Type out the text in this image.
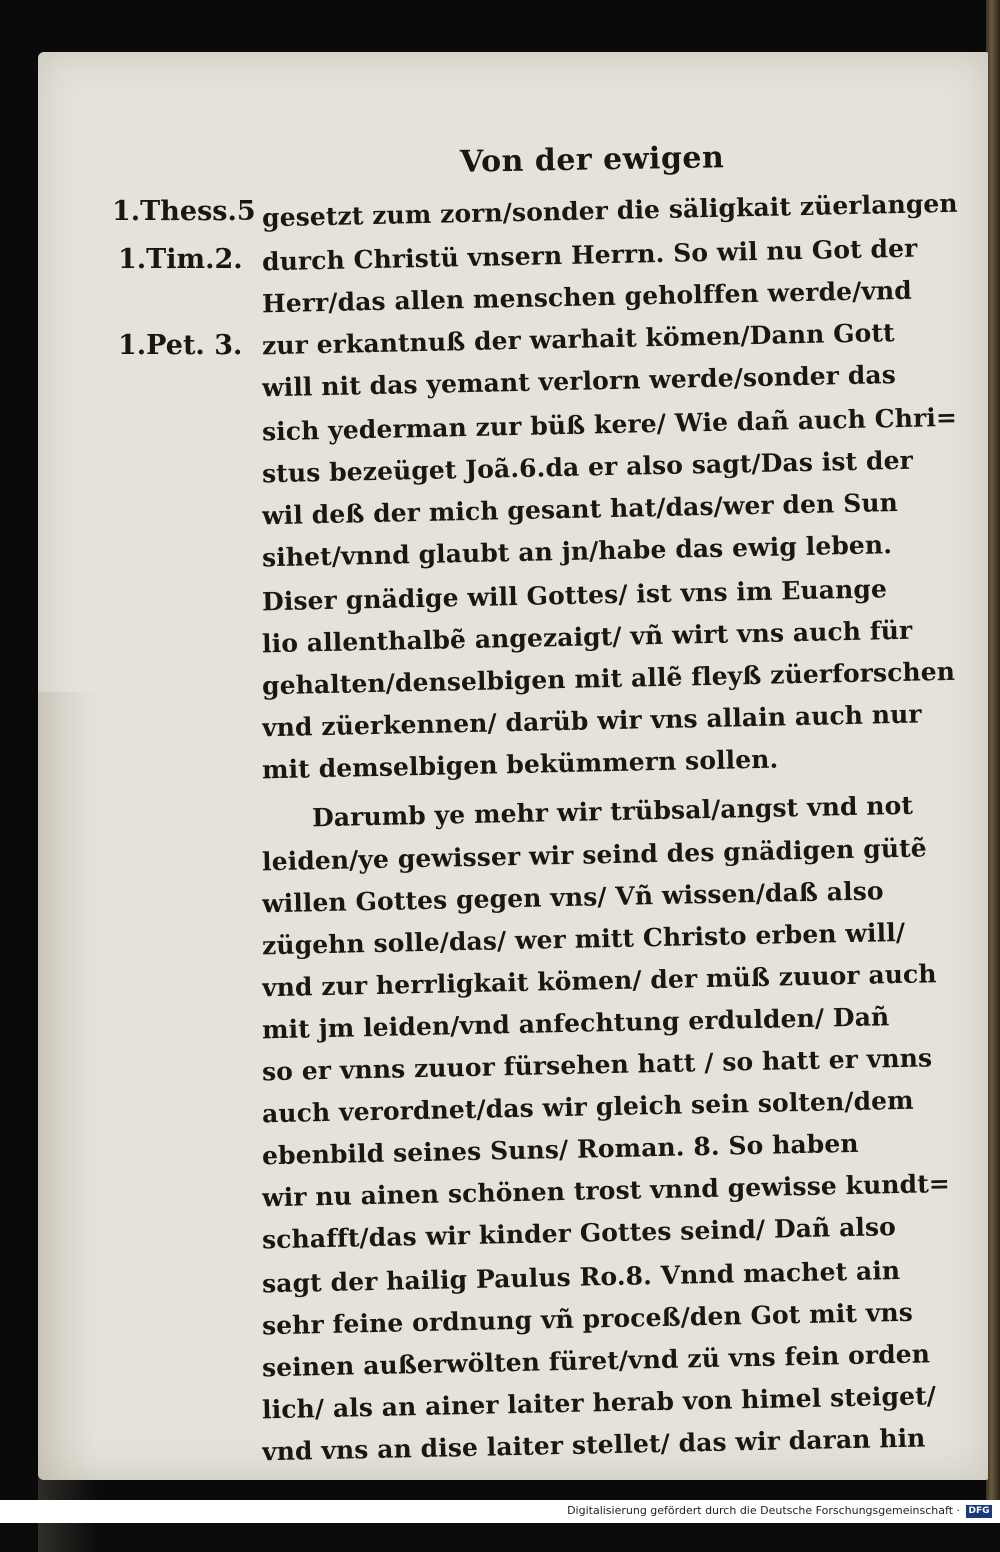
Von der ewigen
1.Thess.5
1.Tim.2.
1.Pet. 3.
gesetzt zum zorn/sonder die säligkait züerlangen
durch Christü vnsern Herrn. So wil nu Got der
Herr/das allen menschen geholffen werde/vnd
zur erkantnuß der warhait kömen/Dann Gott
will nit das yemant verlorn werde/sonder das
sich yederman zur büß kere/ Wie dañ auch Chri=
stus bezeüget Joã.6.da er also sagt/Das ist der
wil deß der mich gesant hat/das/wer den Sun
sihet/vnnd glaubt an jn/habe das ewig leben.
Diser gnädige will Gottes/ ist vns im Euange
lio allenthalbẽ angezaigt/ vñ wirt vns auch für
gehalten/denselbigen mit allẽ fleyß züerforschen
vnd züerkennen/ darüb wir vns allain auch nur
mit demselbigen bekümmern sollen.
Darumb ye mehr wir trübsal/angst vnd not
leiden/ye gewisser wir seind des gnädigen gütẽ
willen Gottes gegen vns/ Vñ wissen/daß also
zügehn solle/das/ wer mitt Christo erben will/
vnd zur herrligkait kömen/ der müß zuuor auch
mit jm leiden/vnd anfechtung erdulden/ Dañ
so er vnns zuuor fürsehen hatt / so hatt er vnns
auch verordnet/das wir gleich sein solten/dem
ebenbild seines Suns/ Roman. 8. So haben
wir nu ainen schönen trost vnnd gewisse kundt=
schafft/das wir kinder Gottes seind/ Dañ also
sagt der hailig Paulus Ro.8. Vnnd machet ain
sehr feine ordnung vñ proceß/den Got mit vns
seinen außerwölten füret/vnd zü vns fein orden
lich/ als an ainer laiter herab von himel steiget/
vnd vns an dise laiter stellet/ das wir daran hin
Digitalisierung gefördert durch die Deutsche Forschungsgemeinschaft · DFG
